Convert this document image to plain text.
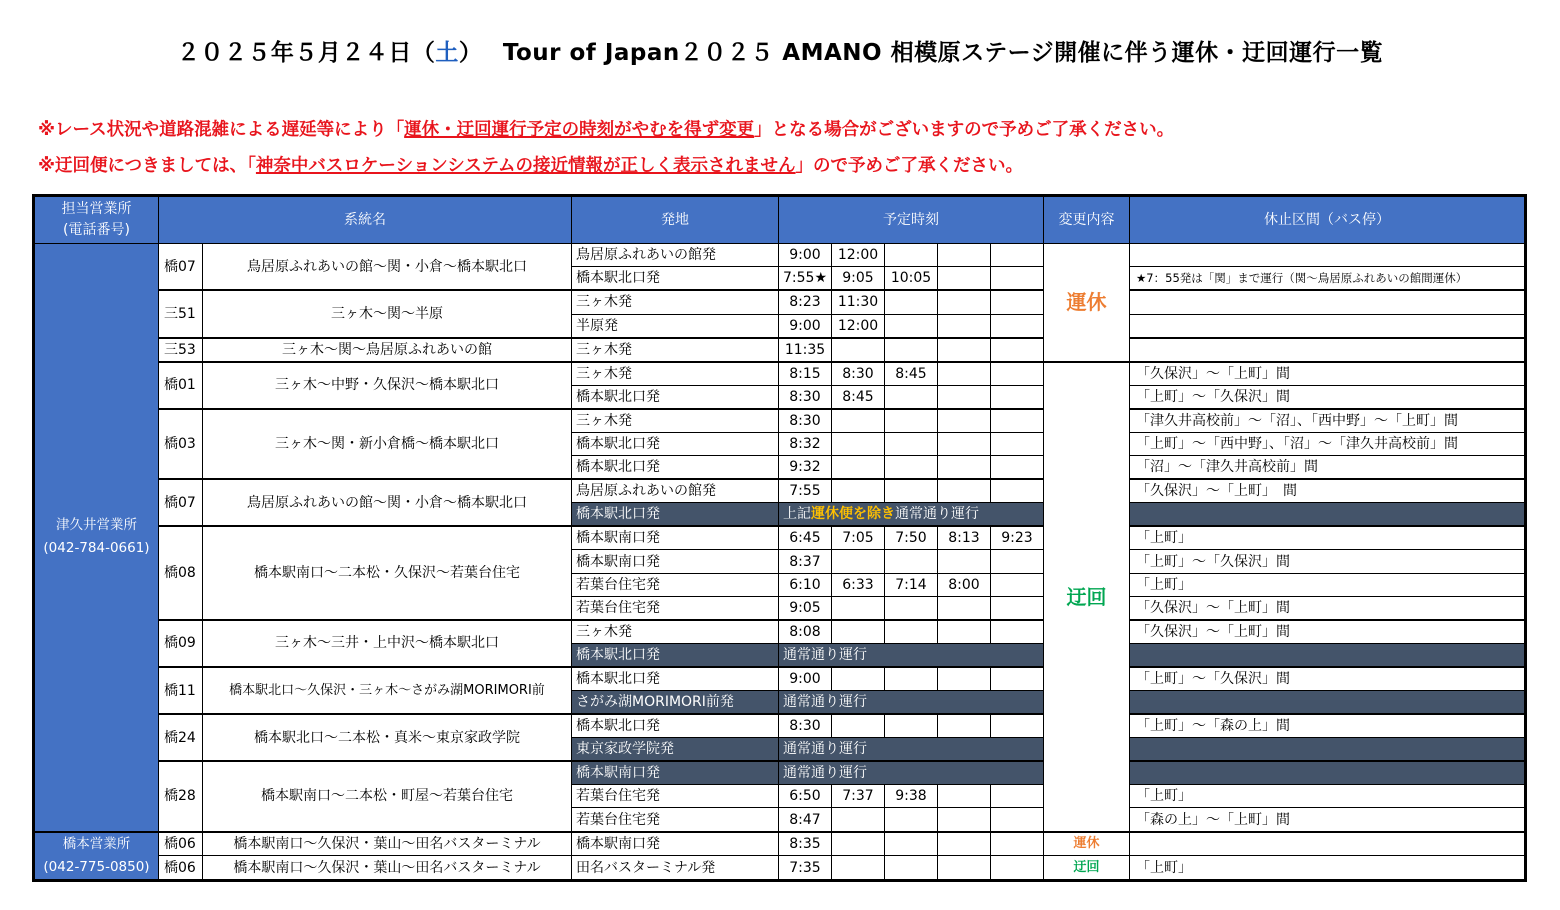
２０２５年５月２４日（土）　 Tour of Japan２０２５ AMANO 相模原ステージ開催に伴う運休・迂回運行一覧
※レース状況や道路混雑による遅延等により「運休・迂回運行予定の時刻がやむを得ず変更」となる場合がございますので予めご了承ください。
※迂回便につきましては、「神奈中バスロケーションシステムの接近情報が正しく表示されません」ので予めご了承ください。
担当営業所
(電話番号)	系統名		発地	予定時刻					変更内容	休止区間（バス停）
津久井営業所
(042-784-0661)	橋07	鳥居原ふれあいの館～関・小倉～橋本駅北口	鳥居原ふれあいの館発	9:00	12:00				運休	
			橋本駅北口発	7:55★	9:05	10:05				★7：55発は「関」まで運行（関～鳥居原ふれあいの館間運休）
	三51	三ヶ木～関～半原	三ヶ木発	8:23	11:30					
			半原発	9:00	12:00					
	三53	三ヶ木～関～鳥居原ふれあいの館	三ヶ木発	11:35						
	橋01	三ヶ木～中野・久保沢～橋本駅北口	三ヶ木発	8:15	8:30	8:45			迂回	「久保沢」～「上町」間
			橋本駅北口発	8:30	8:45					「上町」～「久保沢」間
	橋03	三ヶ木～関・新小倉橋～橋本駅北口	三ヶ木発	8:30						「津久井高校前」～「沼」、「西中野」～「上町」間
			橋本駅北口発	8:32						「上町」～「西中野」、「沼」～「津久井高校前」間
			橋本駅北口発	9:32						「沼」～「津久井高校前」間
	橋07	鳥居原ふれあいの館～関・小倉～橋本駅北口	鳥居原ふれあいの館発	7:55						「久保沢」～「上町」　間
			橋本駅北口発	上記運休便を除き通常通り運行						
	橋08	橋本駅南口～二本松・久保沢～若葉台住宅	橋本駅南口発	6:45	7:05	7:50	8:13	9:23		「上町」
			橋本駅南口発	8:37						「上町」～「久保沢」間
			若葉台住宅発	6:10	6:33	7:14	8:00			「上町」
			若葉台住宅発	9:05						「久保沢」～「上町」間
	橋09	三ヶ木～三井・上中沢～橋本駅北口	三ヶ木発	8:08						「久保沢」～「上町」間
			橋本駅北口発	通常通り運行						
	橋11	橋本駅北口～久保沢・三ヶ木～さがみ湖MORIMORI前	橋本駅北口発	9:00						「上町」～「久保沢」間
			さがみ湖MORIMORI前発	通常通り運行						
	橋24	橋本駅北口～二本松・真米～東京家政学院	橋本駅北口発	8:30						「上町」～「森の上」間
			東京家政学院発	通常通り運行						
	橋28	橋本駅南口～二本松・町屋～若葉台住宅	橋本駅南口発	通常通り運行						
			若葉台住宅発	6:50	7:37	9:38				「上町」
			若葉台住宅発	8:47						「森の上」～「上町」間
橋本営業所
(042-775-0850)	橋06	橋本駅南口～久保沢・葉山～田名バスターミナル	橋本駅南口発	8:35					運休	
	橋06	橋本駅南口～久保沢・葉山～田名バスターミナル	田名バスターミナル発	7:35					迂回	「上町」
